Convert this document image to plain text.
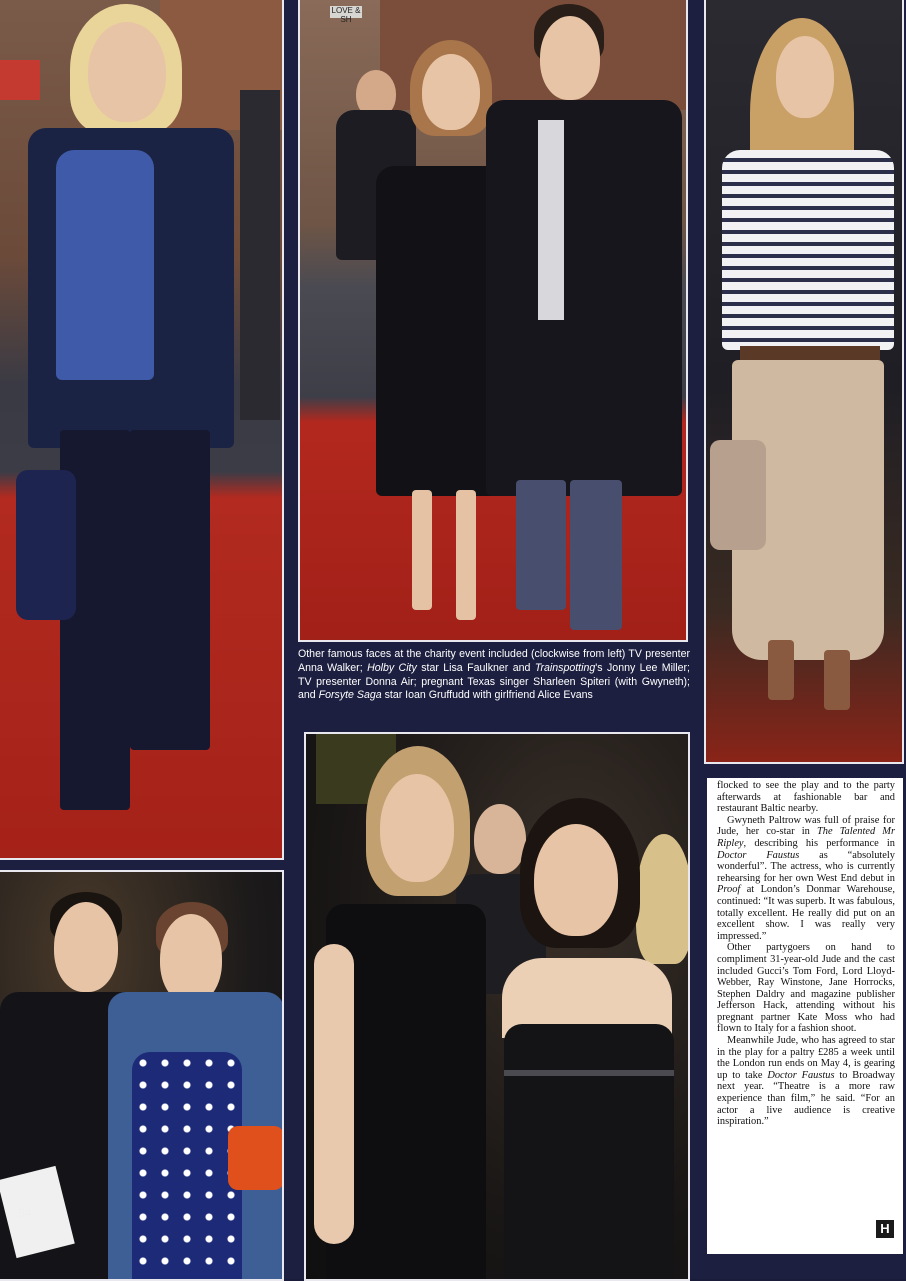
LOVE & SH
54
Other famous faces at the charity event included (clockwise from left) TV presenter Anna Walker; Holby City star Lisa Faulkner and Trainspotting's Jonny Lee Miller; TV presenter Donna Air; pregnant Texas singer Sharleen Spiteri (with Gwyneth); and Forsyte Saga star Ioan Gruffudd with girlfriend Alice Evans

flocked to see the play and to the party afterwards at fashionable bar and restaurant Baltic nearby.

Gwyneth Paltrow was full of praise for Jude, her co-star in The Talented Mr Ripley, describing his performance in Doctor Faustus as “absolutely wonderful”. The actress, who is currently rehearsing for her own West End debut in Proof at London’s Donmar Warehouse, continued: “It was superb. It was fabulous, totally excellent. He really did put on an excellent show. I was really very impressed.”

Other partygoers on hand to compliment 31-year-old Jude and the cast included Gucci’s Tom Ford, Lord Lloyd-Webber, Ray Winstone, Jane Horrocks, Stephen Daldry and magazine publisher Jefferson Hack, attending without his pregnant partner Kate Moss who had flown to Italy for a fashion shoot.

Meanwhile Jude, who has agreed to star in the play for a paltry £285 a week until the London run ends on May 4, is gearing up to take Doctor Faustus to Broadway next year. “Theatre is a more raw experience than film,” he said. “For an actor a live audience is creative inspiration.”

H
